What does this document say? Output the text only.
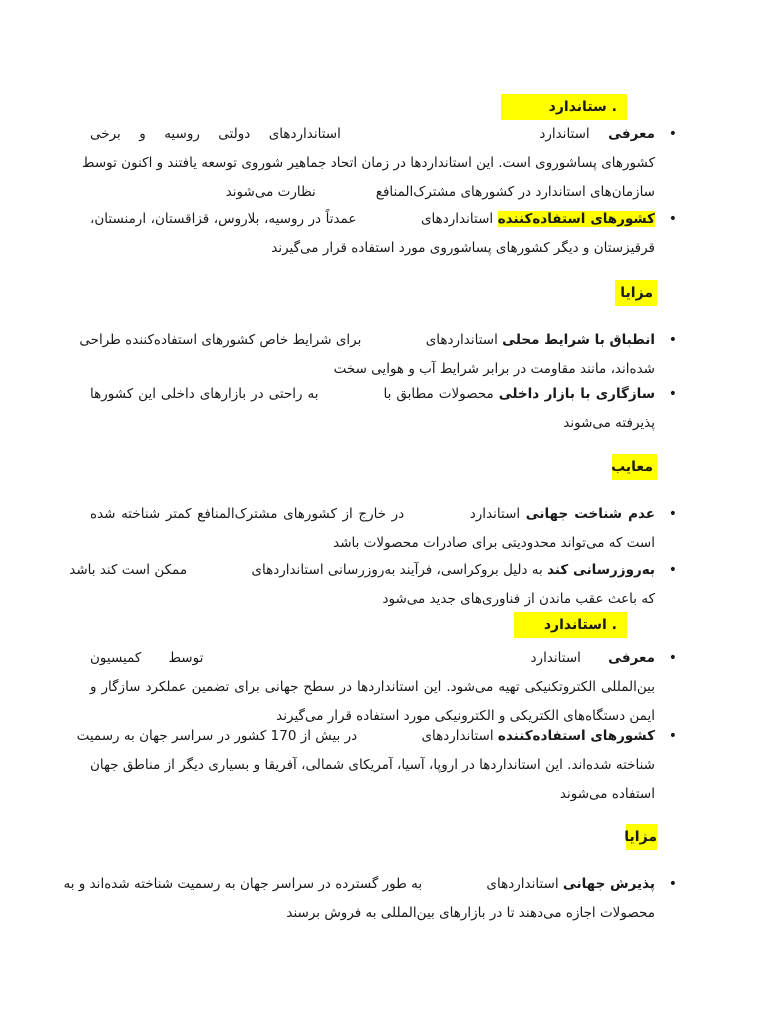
. ستاندارد
•
معرفی استاندارد استانداردهای دولتی روسیه و برخی
کشورهای پساشوروی است. این استانداردها در زمان اتحاد جماهیر شوروی توسعه یافتند و اکنون توسط
سازمان‌های استاندارد در کشورهای مشترک‌المنافعنظارت می‌شوند
•
کشورهای استفاده‌کننده استانداردهای عمدتاً در روسیه، بلاروس، قزاقستان، ارمنستان،
قرقیزستان و دیگر کشورهای پساشوروی مورد استفاده قرار می‌گیرند
مزایا
•
انطباق با شرایط محلی استانداردهای برای شرایط خاص کشورهای استفاده‌کننده طراحی
شده‌اند، مانند مقاومت در برابر شرایط آب و هوایی سخت
•
سازگاری با بازار داخلی محصولات مطابق با به راحتی در بازارهای داخلی این کشورها
پذیرفته می‌شوند
معایب
•
عدم شناخت جهانی استاندارد در خارج از کشورهای مشترک‌المنافع کمتر شناخته شده
است که می‌تواند محدودیتی برای صادرات محصولات باشد
•
به‌روزرسانی کند به دلیل بروکراسی، فرآیند به‌روزرسانی استانداردهای ممکن است کند باشد
که باعث عقب ماندن از فناوری‌های جدید می‌شود
. استاندارد
•
معرفی استاندارد توسط کمیسیون
بین‌المللی الکتروتکنیکی تهیه می‌شود. این استانداردها در سطح جهانی برای تضمین عملکرد سازگار و
ایمن دستگاه‌های الکتریکی و الکترونیکی مورد استفاده قرار می‌گیرند
•
کشورهای استفاده‌کننده استانداردهای در بیش از 170 کشور در سراسر جهان به رسمیت
شناخته شده‌اند. این استانداردها در اروپا، آسیا، آمریکای شمالی، آفریقا و بسیاری دیگر از مناطق جهان
استفاده می‌شوند
مزایا
•
پذیرش جهانی استانداردهای به طور گسترده در سراسر جهان به رسمیت شناخته شده‌اند و به
محصولات اجازه می‌دهند تا در بازارهای بین‌المللی به فروش برسند
